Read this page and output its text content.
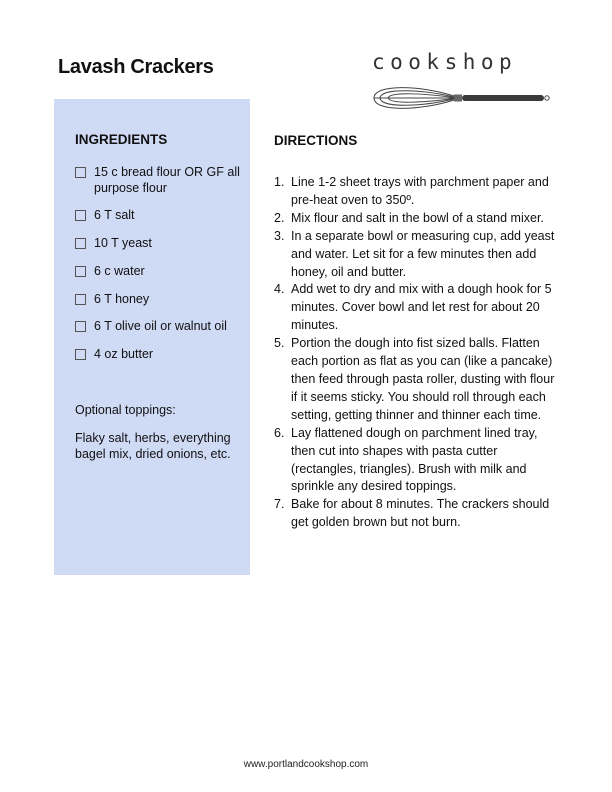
Lavash Crackers	cookshop
INGREDIENTS
15 c bread flour OR GF all purpose flour
6 T salt
10 T yeast
6 c water
6 T honey
6 T olive oil or walnut oil
4 oz butter

Optional toppings:

Flaky salt, herbs, everything bagel mix, dried onions, etc.

DIRECTIONS
1. Line 1-2 sheet trays with parchment paper and pre-heat oven to 350º.
2. Mix flour and salt in the bowl of a stand mixer.
3. In a separate bowl or measuring cup, add yeast and water. Let sit for a few minutes then add honey, oil and butter.
4. Add wet to dry and mix with a dough hook for 5 minutes. Cover bowl and let rest for about 20 minutes.
5. Portion the dough into fist sized balls. Flatten each portion as flat as you can (like a pancake) then feed through pasta roller, dusting with flour if it seems sticky. You should roll through each setting, getting thinner and thinner each time.
6. Lay flattened dough on parchment lined tray, then cut into shapes with pasta cutter (rectangles, triangles). Brush with milk and sprinkle any desired toppings.
7. Bake for about 8 minutes. The crackers should get golden brown but not burn.
www.portlandcookshop.com
